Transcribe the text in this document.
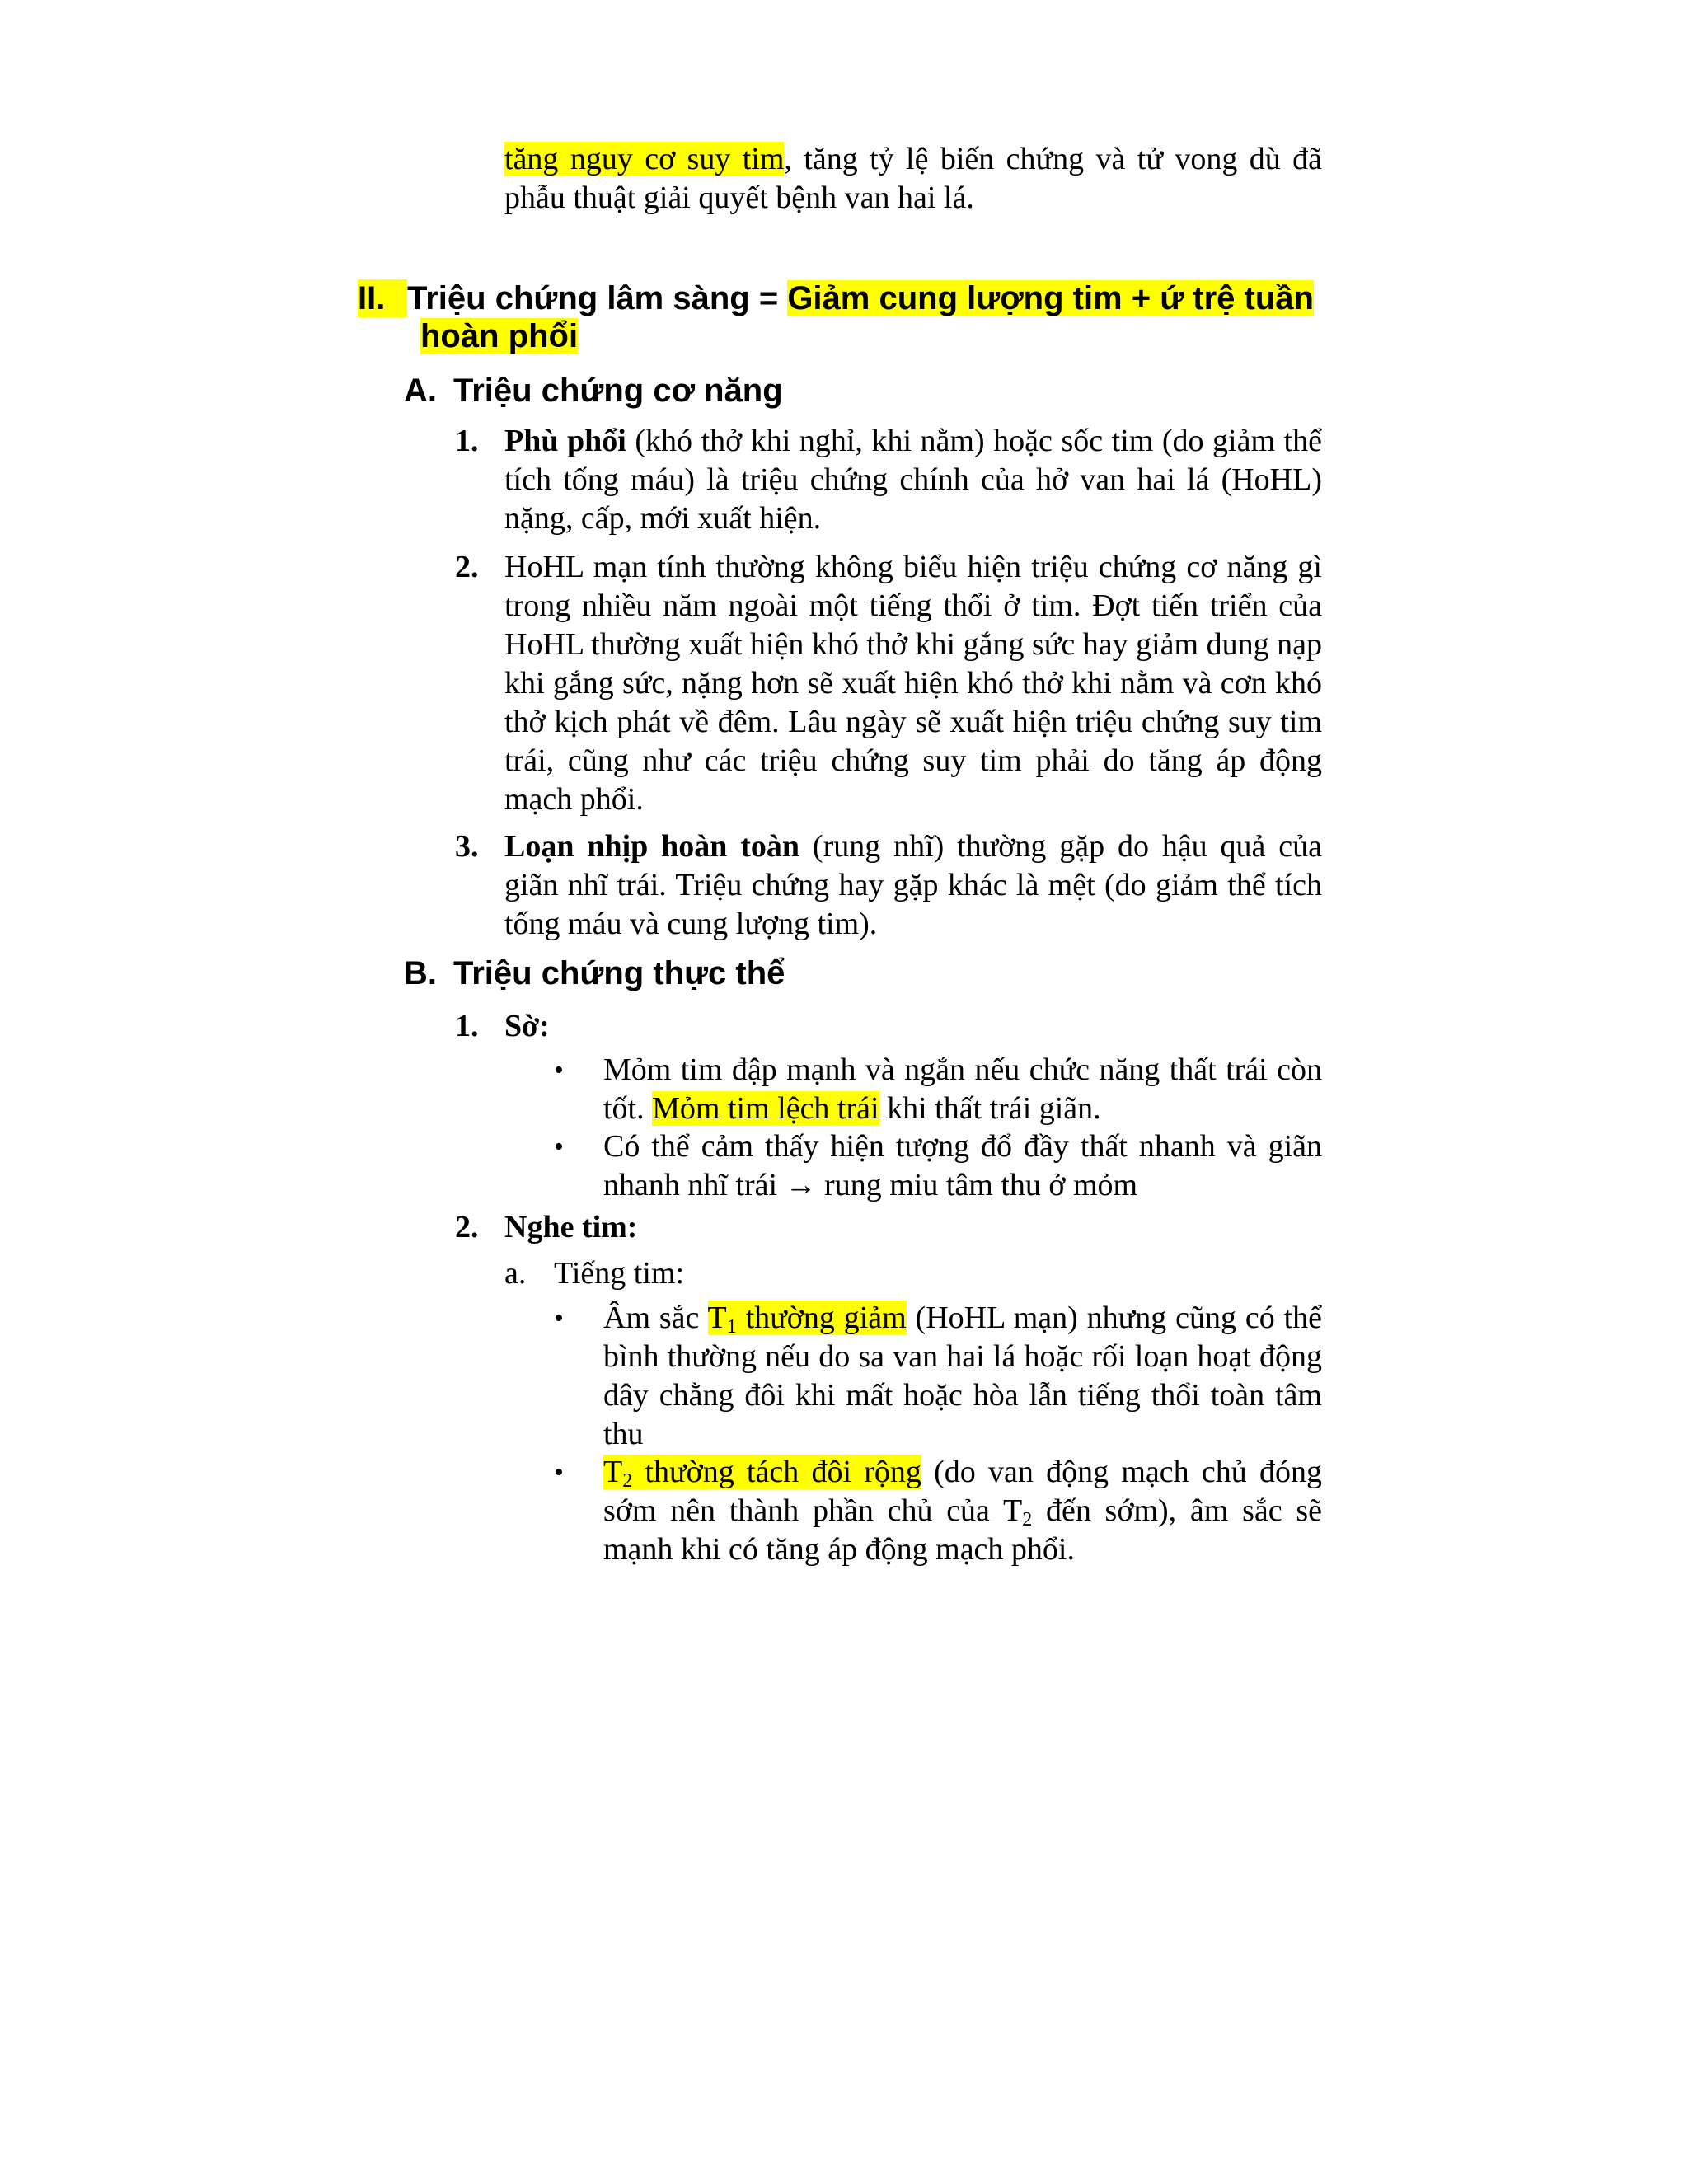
tăng nguy cơ suy tim, tăng tỷ lệ biến chứng và tử vong dù đã phẫu thuật giải quyết bệnh van hai lá.
II. Triệu chứng lâm sàng = Giảm cung lượng tim + ứ trệ tuần
hoàn phổi
A. Triệu chứng cơ năng
1. Phù phổi (khó thở khi nghỉ, khi nằm) hoặc sốc tim (do giảm thể tích tống máu) là triệu chứng chính của hở van hai lá (HoHL) nặng, cấp, mới xuất hiện.
2. HoHL mạn tính thường không biểu hiện triệu chứng cơ năng gì trong nhiều năm ngoài một tiếng thổi ở tim. Đợt tiến triển của HoHL thường xuất hiện khó thở khi gắng sức hay giảm dung nạp khi gắng sức, nặng hơn sẽ xuất hiện khó thở khi nằm và cơn khó thở kịch phát về đêm. Lâu ngày sẽ xuất hiện triệu chứng suy tim trái, cũng như các triệu chứng suy tim phải do tăng áp động mạch phổi.
3. Loạn nhịp hoàn toàn (rung nhĩ) thường gặp do hậu quả của giãn nhĩ trái. Triệu chứng hay gặp khác là mệt (do giảm thể tích tống máu và cung lượng tim).
B. Triệu chứng thực thể
1. Sờ:
• Mỏm tim đập mạnh và ngắn nếu chức năng thất trái còn tốt. Mỏm tim lệch trái khi thất trái giãn.
• Có thể cảm thấy hiện tượng đổ đầy thất nhanh và giãn nhanh nhĩ trái → rung miu tâm thu ở mỏm
2. Nghe tim:
a. Tiếng tim:
• Âm sắc $T_1$ thường giảm (HoHL mạn) nhưng cũng có thể bình thường nếu do sa van hai lá hoặc rối loạn hoạt động dây chằng đôi khi mất hoặc hòa lẫn tiếng thổi toàn tâm thu
• $T_2$ thường tách đôi rộng (do van động mạch chủ đóng sớm nên thành phần chủ của $T_2$ đến sớm), âm sắc sẽ mạnh khi có tăng áp động mạch phổi.
